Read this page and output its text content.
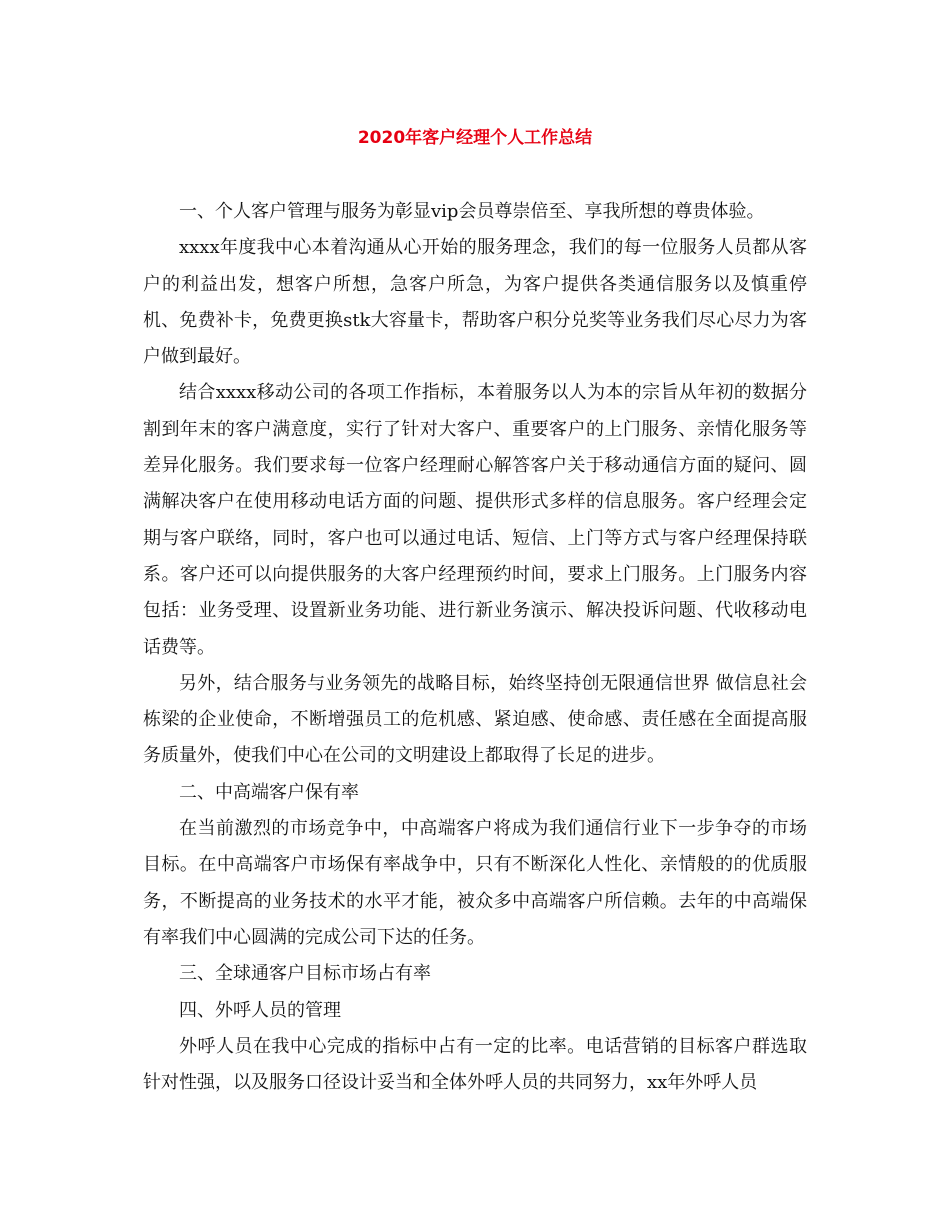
2020年客户经理个人工作总结

一、个人客户管理与服务为彰显vip会员尊崇倍至、享我所想的尊贵体验。

xxxx年度我中心本着沟通从心开始的服务理念，我们的每一位服务人员都从客户的利益出发，想客户所想，急客户所急，为客户提供各类通信服务以及慎重停机、免费补卡，免费更换stk大容量卡，帮助客户积分兑奖等业务我们尽心尽力为客户做到最好。

结合xxxx移动公司的各项工作指标，本着服务以人为本的宗旨从年初的数据分割到年末的客户满意度，实行了针对大客户、重要客户的上门服务、亲情化服务等差异化服务。我们要求每一位客户经理耐心解答客户关于移动通信方面的疑问、圆满解决客户在使用移动电话方面的问题、提供形式多样的信息服务。客户经理会定期与客户联络，同时，客户也可以通过电话、短信、上门等方式与客户经理保持联系。客户还可以向提供服务的大客户经理预约时间，要求上门服务。上门服务内容包括：业务受理、设置新业务功能、进行新业务演示、解决投诉问题、代收移动电话费等。

另外，结合服务与业务领先的战略目标，始终坚持创无限通信世界 做信息社会栋梁的企业使命，不断增强员工的危机感、紧迫感、使命感、责任感在全面提高服务质量外，使我们中心在公司的文明建设上都取得了长足的进步。

二、中高端客户保有率

在当前激烈的市场竞争中，中高端客户将成为我们通信行业下一步争夺的市场目标。在中高端客户市场保有率战争中，只有不断深化人性化、亲情般的的优质服务，不断提高的业务技术的水平才能，被众多中高端客户所信赖。去年的中高端保有率我们中心圆满的完成公司下达的任务。

三、全球通客户目标市场占有率

四、外呼人员的管理

外呼人员在我中心完成的指标中占有一定的比率。电话营销的目标客户群选取针对性强，以及服务口径设计妥当和全体外呼人员的共同努力，xx年外呼人员
